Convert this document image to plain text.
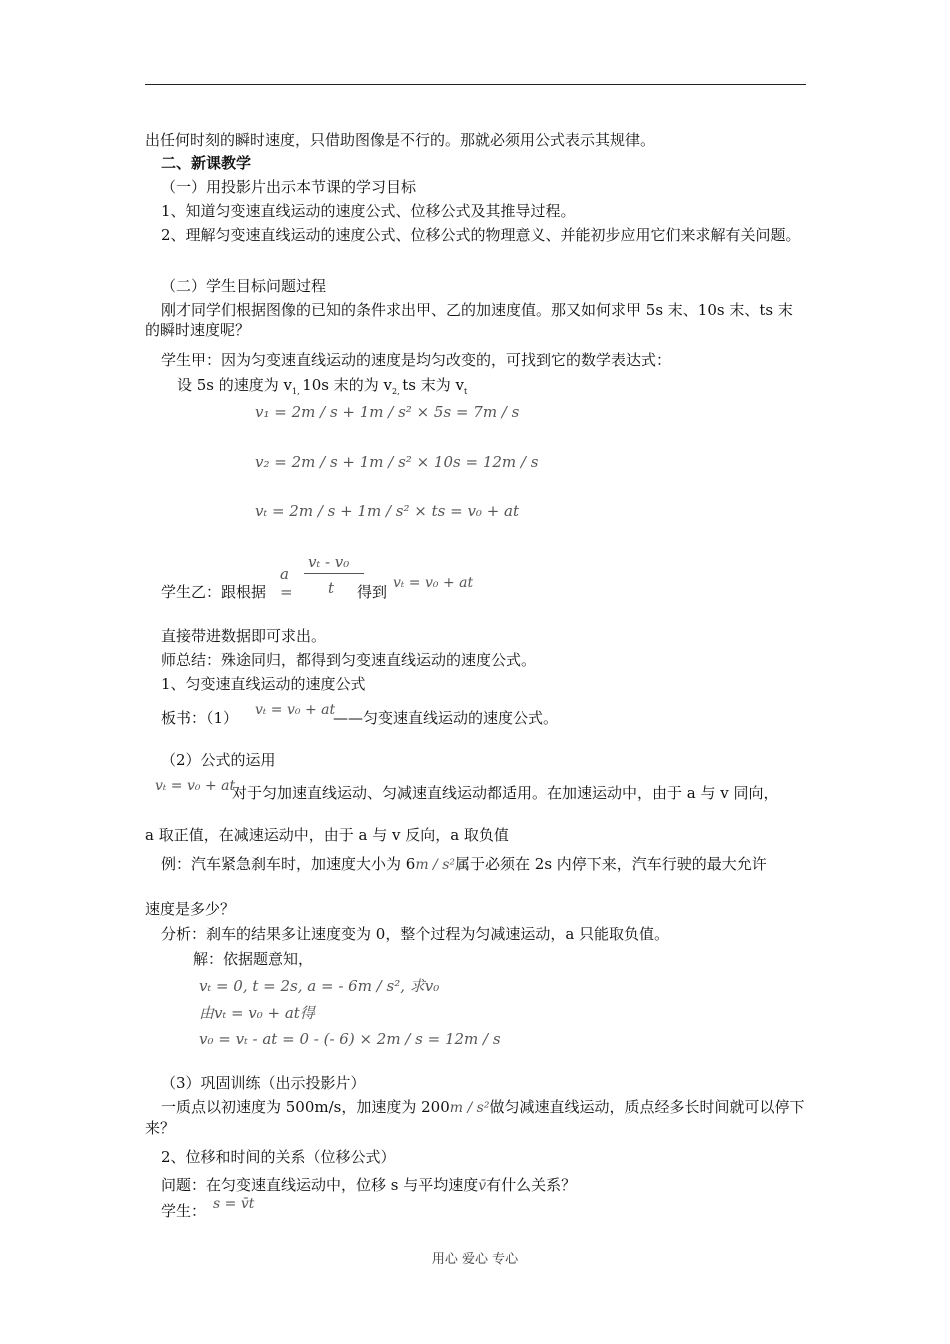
出任何时刻的瞬时速度，只借助图像是不行的。那就必须用公式表示其规律。
二、新课教学
（一）用投影片出示本节课的学习目标
1、知道匀变速直线运动的速度公式、位移公式及其推导过程。
2、理解匀变速直线运动的速度公式、位移公式的物理意义、并能初步应用它们来求解有关问题。
（二）学生目标问题过程
刚才同学们根据图像的已知的条件求出甲、乙的加速度值。那又如何求甲 5s 末、10s 末、ts 末的瞬时速度呢？
学生甲：因为匀变速直线运动的速度是均匀改变的，可找到它的数学表达式：
设 5s 的速度为 $v_{1,}$ 10s 末的为 $v_{2,}$ ts 末为 $v_t$
v₁ = 2m / s + 1m / s² × 5s = 7m / s
v₂ = 2m / s + 1m / s² × 10s = 12m / s
vₜ = 2m / s + 1m / s² × ts = v₀ + at
a =
vₜ - v₀
t
学生乙：跟根据	得到 vₜ = v₀ + at
直接带进数据即可求出。
师总结：殊途同归，都得到匀变速直线运动的速度公式。
1、匀变速直线运动的速度公式
板书：（1） vₜ = v₀ + at
——匀变速直线运动的速度公式。
（2）公式的运用
vₜ = v₀ + at
对于匀加速直线运动、匀减速直线运动都适用。在加速运动中，由于 a 与 v 同向，
a 取正值，在减速运动中，由于 a 与 v 反向，a 取负值
例：汽车紧急刹车时，加速度大小为 6m / s²属于必须在 2s 内停下来，汽车行驶的最大允许
速度是多少？
分析：刹车的结果多让速度变为 0，整个过程为匀减速运动，a 只能取负值。
解：依据题意知，
vₜ = 0, t = 2s, a = - 6m / s², 求v₀
由vₜ = v₀ + at得
v₀ = vₜ - at = 0 - (- 6) × 2m / s = 12m / s
（3）巩固训练（出示投影片）
一质点以初速度为 500m/s，加速度为 200m / s²做匀减速直线运动，质点经多长时间就可以停下来？
2、位移和时间的关系（位移公式）
问题：在匀变速直线运动中，位移 s 与平均速度v̄有什么关系？
学生： s = v̄t
用心 爱心 专心
